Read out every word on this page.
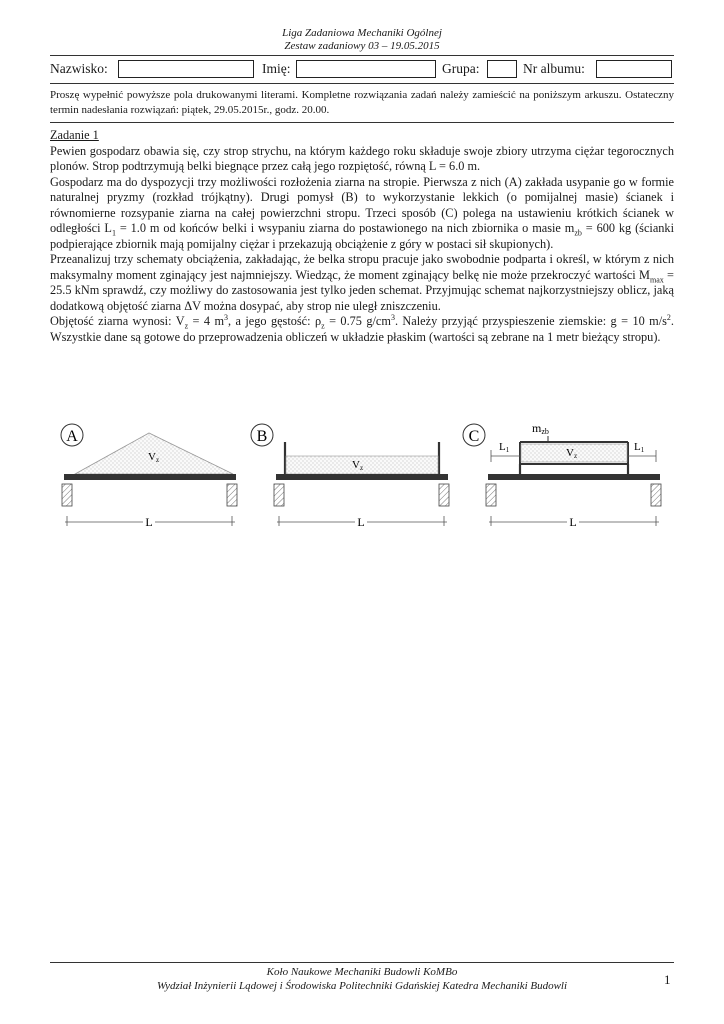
Liga Zadaniowa Mechaniki Ogólnej
Zestaw zadaniowy 03 – 19.05.2015
Nazwisko:	Imię:	Grupa:	Nr albumu:
Proszę wypełnić powyższe pola drukowanymi literami. Kompletne rozwiązania zadań należy zamieścić na poniższym arkuszu. Ostateczny termin nadesłania rozwiązań: piątek, 29.05.2015r., godz. 20.00.

Zadanie 1

Pewien gospodarz obawia się, czy strop strychu, na którym każdego roku składuje swoje zbiory utrzyma ciężar tegorocznych plonów. Strop podtrzymują belki biegnące przez całą jego rozpiętość, równą L = 6.0 m.

Gospodarz ma do dyspozycji trzy możliwości rozłożenia ziarna na stropie. Pierwsza z nich (A) zakłada usypanie go w formie naturalnej pryzmy (rozkład trójkątny). Drugi pomysł (B) to wykorzystanie lekkich (o pomijalnej masie) ścianek i równomierne rozsypanie ziarna na całej powierzchni stropu. Trzeci sposób (C) polega na ustawieniu krótkich ścianek w odległości $L_1 = 1.0$ m od końców belki i wsypaniu ziarna do postawionego na nich zbiornika o masie $m_{zb} = 600$ kg (ścianki podpierające zbiornik mają pomijalny ciężar i przekazują obciążenie z góry w postaci sił skupionych).

Przeanalizuj trzy schematy obciążenia, zakładając, że belka stropu pracuje jako swobodnie podparta i określ, w którym z nich maksymalny moment zginający jest najmniejszy. Wiedząc, że moment zginający belkę nie może przekroczyć wartości $M_{max} = 25.5$ kNm sprawdź, czy możliwy do zastosowania jest tylko jeden schemat. Przyjmując schemat najkorzystniejszy oblicz, jaką dodatkową objętość ziarna ΔV można dosypać, aby strop nie uległ zniszczeniu.

Objętość ziarna wynosi: $V_z = 4$ $m^3$, a jego gęstość: $\rho_z = 0.75$ $g/cm^3$. Należy przyjąć przyspieszenie ziemskie: g = 10 $m/s^2$. Wszystkie dane są gotowe do przeprowadzenia obliczeń w układzie płaskim (wartości są zebrane na 1 metr bieżący stropu).

A
Vz
L
B
Vz
L
C	mzb
Vz
L1	L1
L
Koło Naukowe Mechaniki Budowli KoMBo
Wydział Inżynierii Lądowej i Środowiska Politechniki Gdańskiej Katedra Mechaniki Budowli	1
